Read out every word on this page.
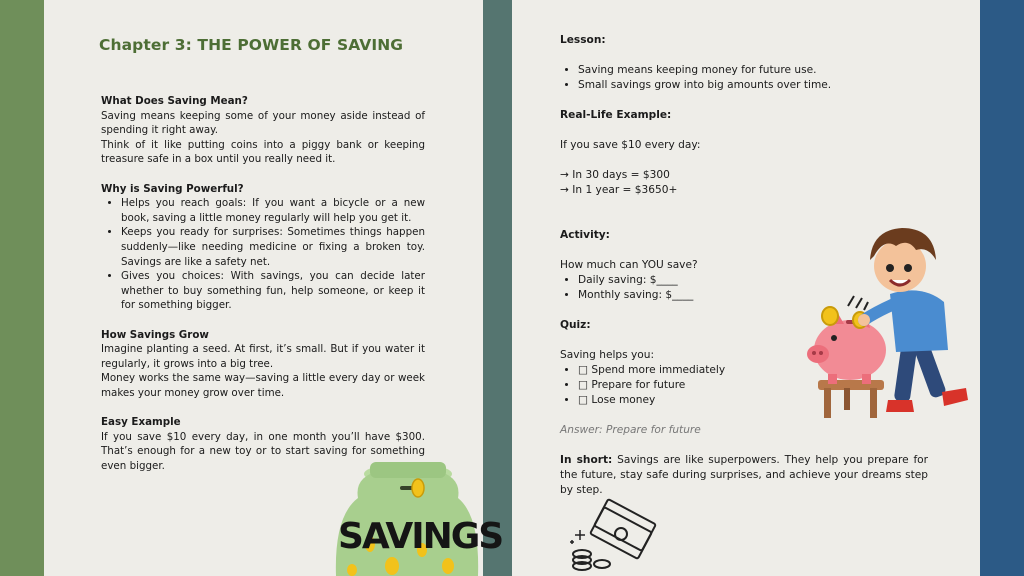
Chapter 3: THE POWER OF SAVING
What Does Saving Mean?

Saving means keeping some of your money aside instead of spending it right away.

Think of it like putting coins into a piggy bank or keeping treasure safe in a box until you really need it.

Why is Saving Powerful?
• Helps you reach goals: If you want a bicycle or a new book, saving a little money regularly will help you get it.
• Keeps you ready for surprises: Sometimes things happen suddenly—like needing medicine or fixing a broken toy. Savings are like a safety net.
• Gives you choices: With savings, you can decide later whether to buy something fun, help someone, or keep it for something bigger.
How Savings Grow

Imagine planting a seed. At first, it’s small. But if you water it regularly, it grows into a big tree.

Money works the same way—saving a little every day or week makes your money grow over time.

Easy Example

If you save $10 every day, in one month you’ll have $300. That’s enough for a new toy or to start saving for something even bigger.

SAVINGS
Lesson:
• Saving means keeping money for future use.
• Small savings grow into big amounts over time.
Real-Life Example:

If you save $10 every day:

→ In 30 days = $300

→ In 1 year = $3650+

Activity:

How much can YOU save?

• Daily saving: $____
• Monthly saving: $____
Quiz:

Saving helps you:

• □ Spend more immediately
• □ Prepare for future
• □ Lose money

Answer: Prepare for future

In short: Savings are like superpowers. They help you prepare for the future, stay safe during surprises, and achieve your dreams step by step.
